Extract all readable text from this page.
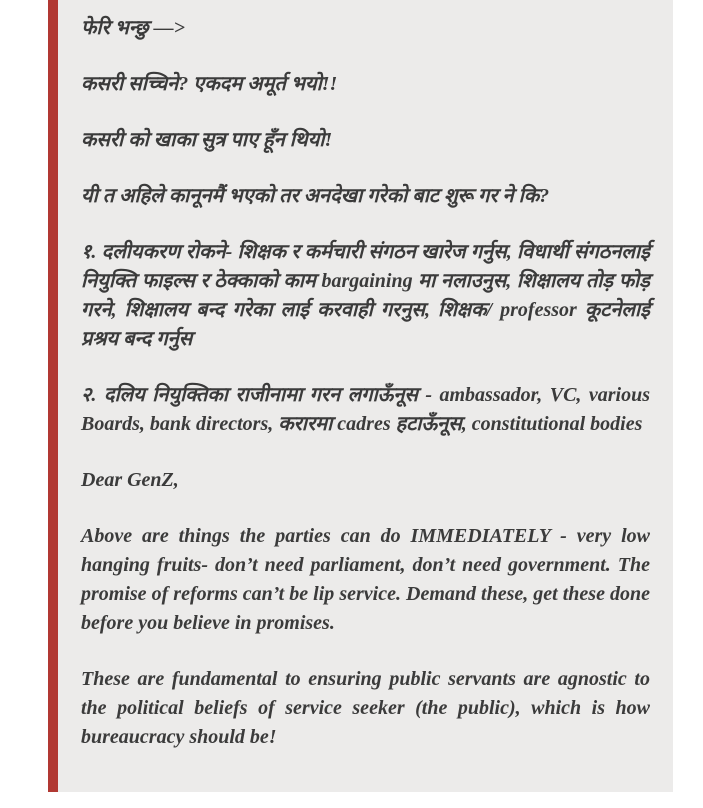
फेरि भन्छु —>

कसरी सच्चिने? एकदम अमूर्त भयो!!

कसरी को खाका सुत्र पाए हूँन थियो!

यी त अहिले कानूनमैं भएको तर अनदेखा गरेको बाट शुरू गर ने कि?

१. दलीयकरण रोकने- शिक्षक र कर्मचारी संगठन खारेज गर्नुस, विधार्थी संगठनलाई नियुक्ति फाइल्स र ठेक्काको काम bargaining मा नलाउनुस, शिक्षालय तोड़ फोड़ गरने, शिक्षालय बन्द गरेका लाई करवाही गरनुस, शिक्षक/ professor कूटनेलाई प्रश्रय बन्द गर्नुस

२. दलिय नियुक्तिका राजीनामा गरन लगाऊँनूस - ambassador, VC, various Boards, bank directors, करारमा cadres हटाऊँनूस, constitutional bodies

Dear GenZ,

Above are things the parties can do IMMEDIATELY - very low hanging fruits- don’t need parliament, don’t need government. The promise of reforms can’t be lip service. Demand these, get these done before you believe in promises.

These are fundamental to ensuring public servants are agnostic to the political beliefs of service seeker (the public), which is how bureaucracy should be!
